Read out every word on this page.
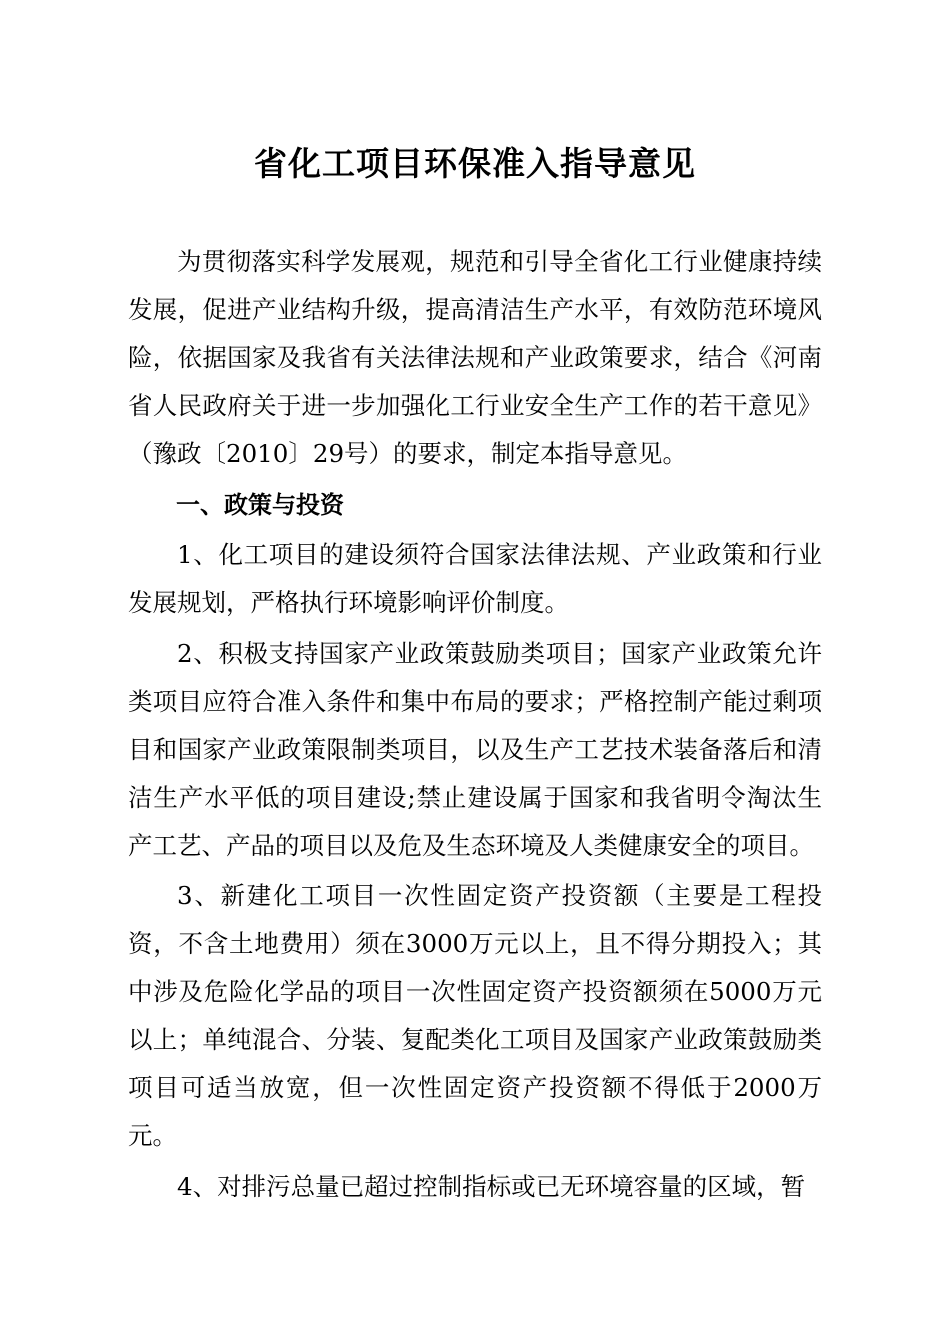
省化工项目环保准入指导意见

为贯彻落实科学发展观，规范和引导全省化工行业健康持续发展，促进产业结构升级，提高清洁生产水平，有效防范环境风险，依据国家及我省有关法律法规和产业政策要求，结合《河南省人民政府关于进一步加强化工行业安全生产工作的若干意见》（豫政〔2010〕29号）的要求，制定本指导意见。

一、政策与投资

1、化工项目的建设须符合国家法律法规、产业政策和行业发展规划，严格执行环境影响评价制度。

2、积极支持国家产业政策鼓励类项目；国家产业政策允许类项目应符合准入条件和集中布局的要求；严格控制产能过剩项目和国家产业政策限制类项目，以及生产工艺技术装备落后和清洁生产水平低的项目建设;禁止建设属于国家和我省明令淘汰生产工艺、产品的项目以及危及生态环境及人类健康安全的项目。

3、新建化工项目一次性固定资产投资额（主要是工程投资，不含土地费用）须在3000万元以上，且不得分期投入；其中涉及危险化学品的项目一次性固定资产投资额须在5000万元以上；单纯混合、分装、复配类化工项目及国家产业政策鼓励类项目可适当放宽，但一次性固定资产投资额不得低于2000万元。

4、对排污总量已超过控制指标或已无环境容量的区域，暂
